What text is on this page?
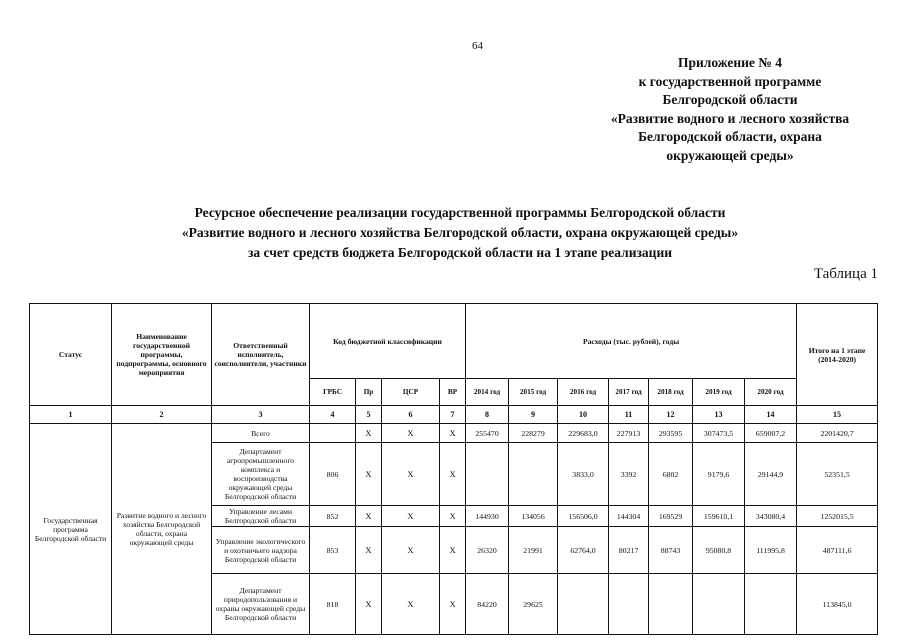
64
Приложение № 4
к государственной программе
Белгородской области
«Развитие водного и лесного хозяйства
Белгородской области, охрана
окружающей среды»
Ресурсное обеспечение реализации государственной программы Белгородской области
«Развитие водного и лесного хозяйства Белгородской области, охрана окружающей среды»
за счет средств бюджета Белгородской области на 1 этапе реализации
Таблица 1
Статус	Наименование государственной программы, подпрограммы, основного мероприятия	Ответственный исполнитель, соисполнители, участники	Код бюджетной классификации				Расходы (тыс. рублей), годы							Итого на 1 этапе (2014-2020)
			ГРБС	Пр	ЦСР	ВР	2014 год	2015 год	2016 год	2017 год	2018 год	2019 год	2020 год	
1	2	3	4	5	6	7	8	9	10	11	12	13	14	15
Государственная программа Белгородской области	Развитие водного и лесного хозяйства Белгородской области, охрана окружающей среды	Всего		Х	Х	Х	255470	228279	229683,0	227913	293595	307473,5	659007,2	2201420,7
		Департамент агропромышленного комплекса и воспроизводства окружающей среды Белгородской области	806	Х	Х	Х			3833,0	3392	6802	9179,6	29144,9	52351,5
		Управление лесами Белгородской области	852	Х	Х	Х	144930	134056	156506,0	144304	169529	159610,1	343080,4	1252015,5
		Управление экологического и охотничьего надзора Белгородской области	853	Х	Х	Х	26320	21991	62764,0	80217	88743	95080,8	111995,8	487111,6
		Департамент природопользования и охраны окружающей среды Белгородской области	818	Х	Х	Х	84220	29625						113845,0
